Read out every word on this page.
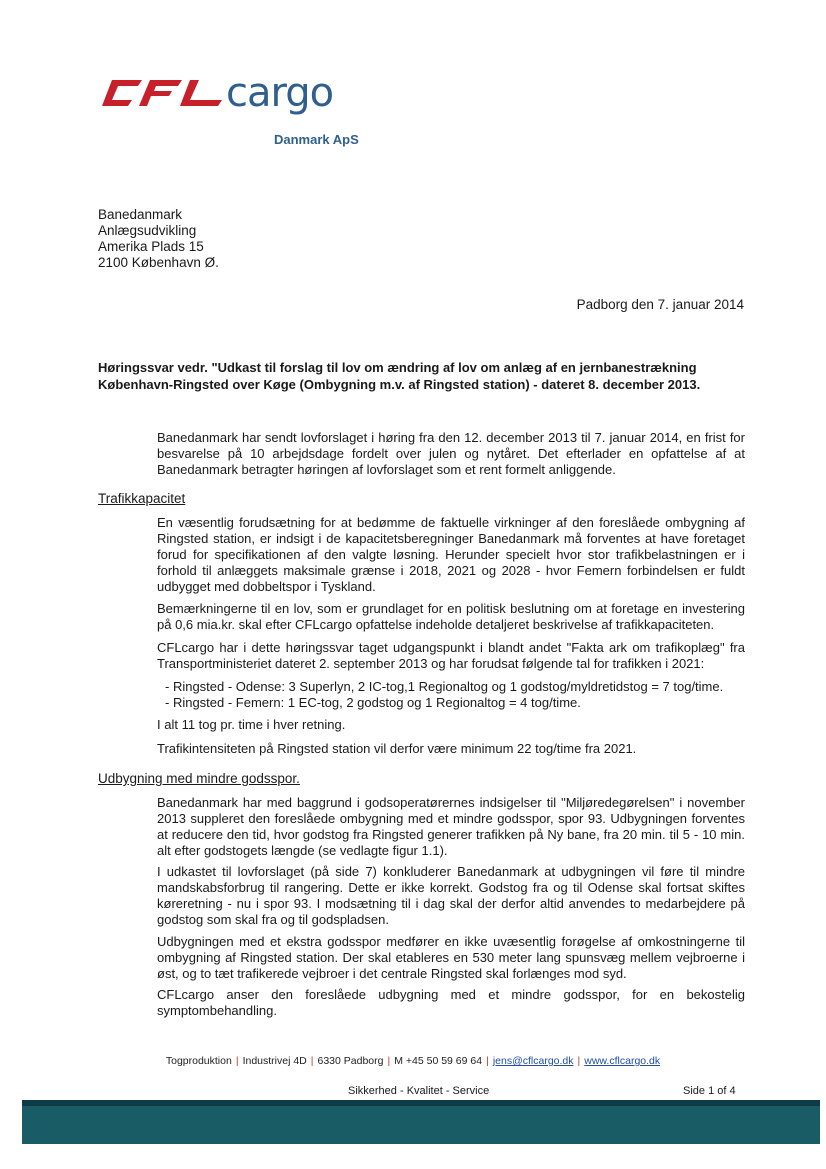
cargo
Danmark ApS
Banedanmark
Anlægsudvikling
Amerika Plads 15
2100 København Ø.
Padborg den 7. januar 2014
Høringssvar vedr. "Udkast til forslag til lov om ændring af lov om anlæg af en jernbanestrækning
København-Ringsted over Køge (Ombygning m.v. af Ringsted station) - dateret 8. december 2013.
Banedanmark har sendt lovforslaget i høring fra den 12. december 2013 til 7. januar 2014, en frist for besvarelse på 10 arbejdsdage fordelt over julen og nytåret. Det efterlader en opfattelse af at Banedanmark betragter høringen af lovforslaget som et rent formelt anliggende.
Trafikkapacitet
En væsentlig forudsætning for at bedømme de faktuelle virkninger af den foreslåede ombygning af Ringsted station, er indsigt i de kapacitetsberegninger Banedanmark må forventes at have foretaget forud for specifikationen af den valgte løsning. Herunder specielt hvor stor trafikbelastningen er i forhold til anlæggets maksimale grænse i 2018, 2021 og 2028 - hvor Femern forbindelsen er fuldt udbygget med dobbeltspor i Tyskland.
Bemærkningerne til en lov, som er grundlaget for en politisk beslutning om at foretage en investering på 0,6 mia.kr. skal efter CFLcargo opfattelse indeholde detaljeret beskrivelse af trafikkapaciteten.
CFLcargo har i dette høringssvar taget udgangspunkt i blandt andet "Fakta ark om trafikoplæg" fra Transportministeriet dateret 2. september 2013 og har forudsat følgende tal for trafikken i 2021:
- Ringsted - Odense: 3 Superlyn, 2 IC-tog,1 Regionaltog og 1 godstog/myldretidstog = 7 tog/time.
- Ringsted - Femern: 1 EC-tog, 2 godstog og 1 Regionaltog = 4 tog/time.
I alt 11 tog pr. time i hver retning.
Trafikintensiteten på Ringsted station vil derfor være minimum 22 tog/time fra 2021.
Udbygning med mindre godsspor.
Banedanmark har med baggrund i godsoperatørernes indsigelser til "Miljøredegørelsen" i november 2013 suppleret den foreslåede ombygning med et mindre godsspor, spor 93. Udbygningen forventes at reducere den tid, hvor godstog fra Ringsted generer trafikken på Ny bane, fra 20 min. til 5 - 10 min. alt efter godstogets længde (se vedlagte figur 1.1).
I udkastet til lovforslaget (på side 7) konkluderer Banedanmark at udbygningen vil føre til mindre mandskabsforbrug til rangering. Dette er ikke korrekt. Godstog fra og til Odense skal fortsat skiftes køreretning - nu i spor 93. I modsætning til i dag skal der derfor altid anvendes to medarbejdere på godstog som skal fra og til godspladsen.
Udbygningen med et ekstra godsspor medfører en ikke uvæsentlig forøgelse af omkostningerne til ombygning af Ringsted station. Der skal etableres en 530 meter lang spunsvæg mellem vejbroerne i øst, og to tæt trafikerede vejbroer i det centrale Ringsted skal forlænges mod syd.
CFLcargo anser den foreslåede udbygning med et mindre godsspor, for en bekostelig symptombehandling.
Togproduktion | Industrivej 4D | 6330 Padborg | M +45 50 59 69 64 | jens@cflcargo.dk | www.cflcargo.dk
Sikkerhed - Kvalitet - Service	Side 1 of 4
